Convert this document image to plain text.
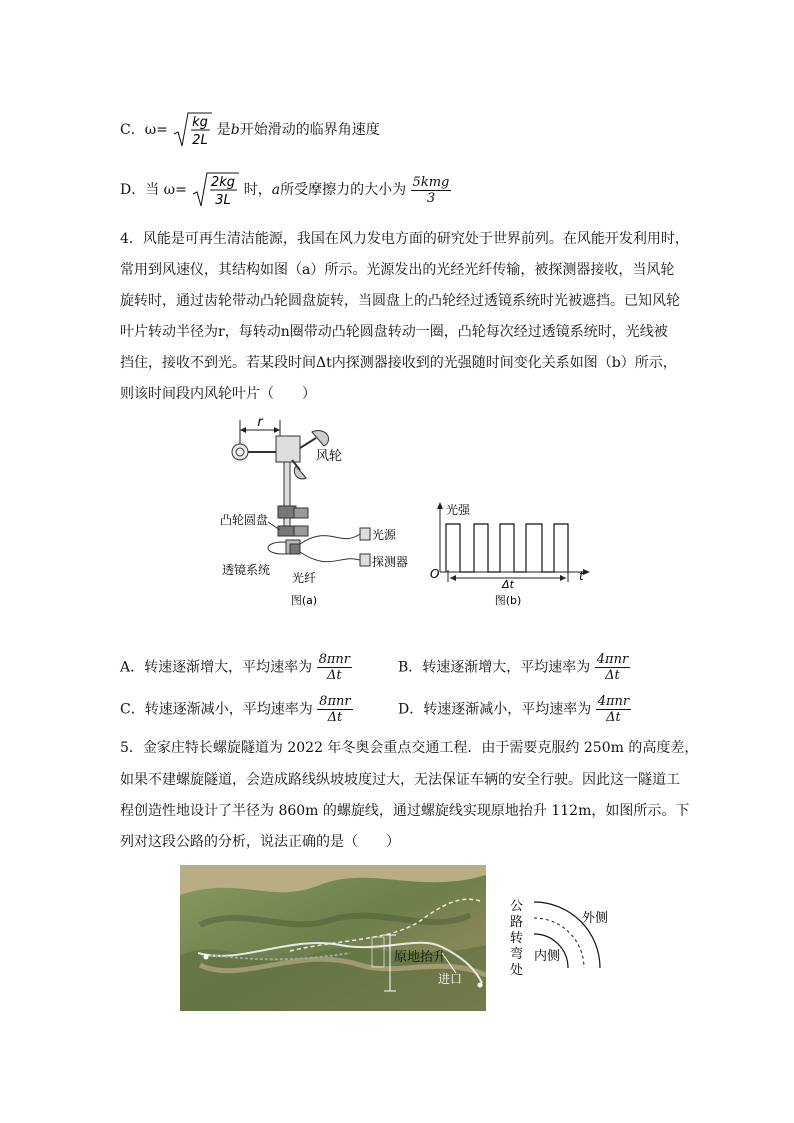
C．ω= kg
2L
是b开始滑动的临界角速度
D．当 ω= 2kg
3L
时，a所受摩擦力的大小为 $\frac{\text{5kmg}}{3}$
4．风能是可再生清洁能源，我国在风力发电方面的研究处于世界前列。在风能开发利用时，
常用到风速仪，其结构如图（a）所示。光源发出的光经光纤传输，被探测器接收，当风轮
旋转时，通过齿轮带动凸轮圆盘旋转，当圆盘上的凸轮经过透镜系统时光被遮挡。已知风轮
叶片转动半径为r，每转动n圈带动凸轮圆盘转动一圈，凸轮每次经过透镜系统时，光线被
挡住，接收不到光。若某段时间Δt内探测器接收到的光强随时间变化关系如图（b）所示，
则该时间段内风轮叶片（　　）
r
风轮
凸轮圆盘
光源
探测器
透镜系统
光纤
图(a)
光强
O	t
Δt
图(b)
A．转速逐渐增大，平均速率为 $\frac{\text{8πnr}}{\Delta t}$	B．转速逐渐增大，平均速率为 $\frac{\text{4πnr}}{\Delta t}$
C．转速逐渐减小，平均速率为 $\frac{\text{8πnr}}{\Delta t}$	D．转速逐渐减小，平均速率为 $\frac{\text{4πnr}}{\Delta t}$
5．金家庄特长螺旋隧道为 2022 年冬奥会重点交通工程．由于需要克服约 250m 的高度差，
如果不建螺旋隧道，会造成路线纵坡坡度过大，无法保证车辆的安全行驶。因此这一隧道工
程创造性地设计了半径为 860m 的螺旋线，通过螺旋线实现原地抬升 112m，如图所示。下
列对这段公路的分析，说法正确的是（　　）
原地抬升
进口
公
路
转
弯
处
外侧
内侧
